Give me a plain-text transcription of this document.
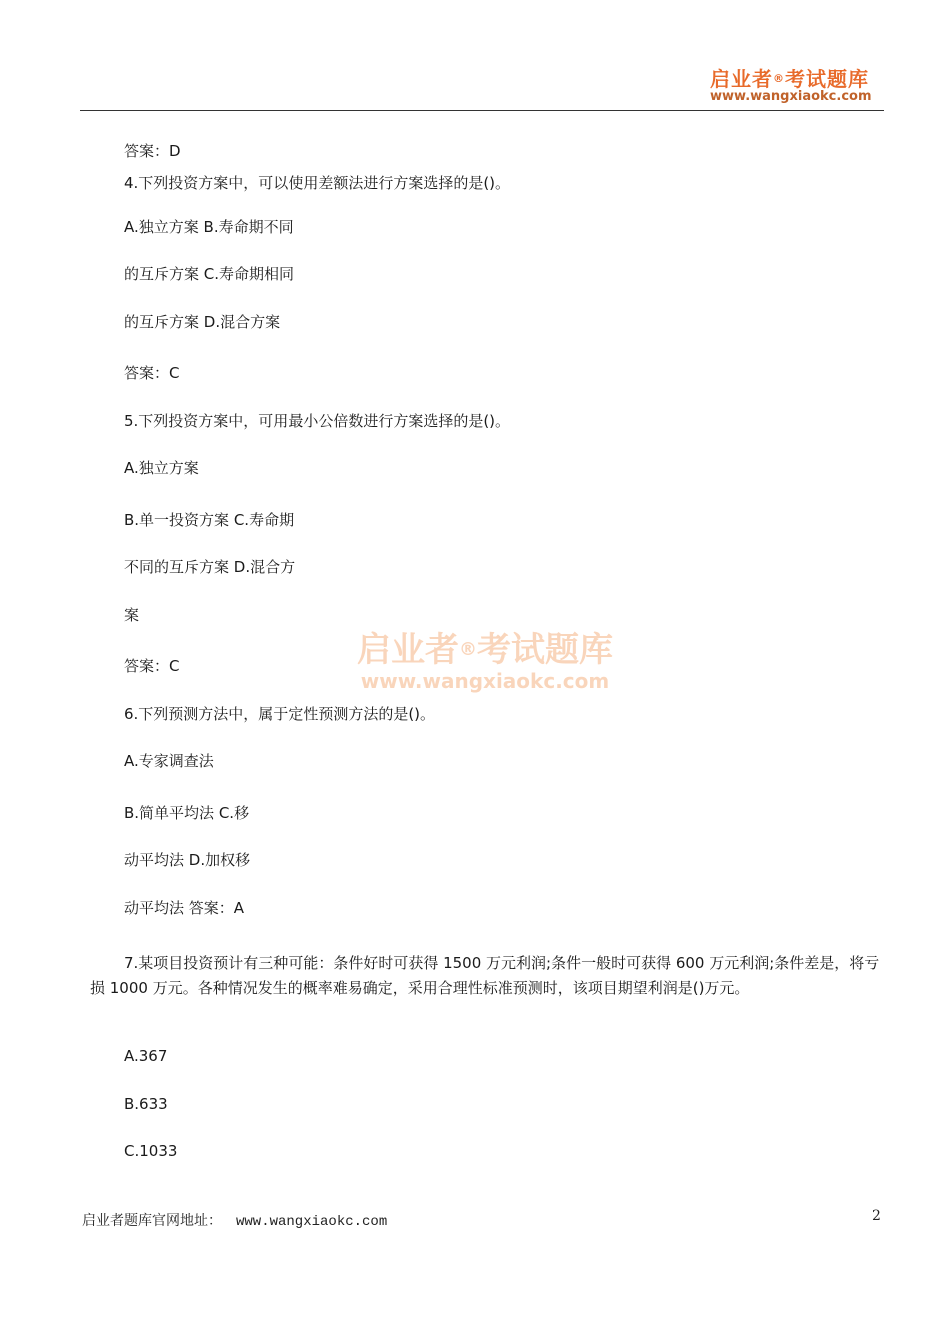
启业者®考试题库
www.wangxiaokc.com
答案：D
4.下列投资方案中，可以使用差额法进行方案选择的是()。
A.独立方案 B.寿命期不同
的互斥方案 C.寿命期相同
的互斥方案 D.混合方案
答案：C
5.下列投资方案中，可用最小公倍数进行方案选择的是()。
A.独立方案
B.单一投资方案 C.寿命期
不同的互斥方案 D.混合方
案
答案：C
6.下列预测方法中，属于定性预测方法的是()。
A.专家调查法
B.简单平均法 C.移
动平均法 D.加权移
动平均法 答案：A
7.某项目投资预计有三种可能：条件好时可获得 1500 万元利润;条件一般时可获得 600 万元利润;条件差是，将亏损 1000 万元。各种情况发生的概率难易确定，采用合理性标准预测时，该项目期望利润是()万元。
A.367
B.633
C.1033
启业者®考试题库
www.wangxiaokc.com
启业者题库官网地址： www.wangxiaokc.com	2
